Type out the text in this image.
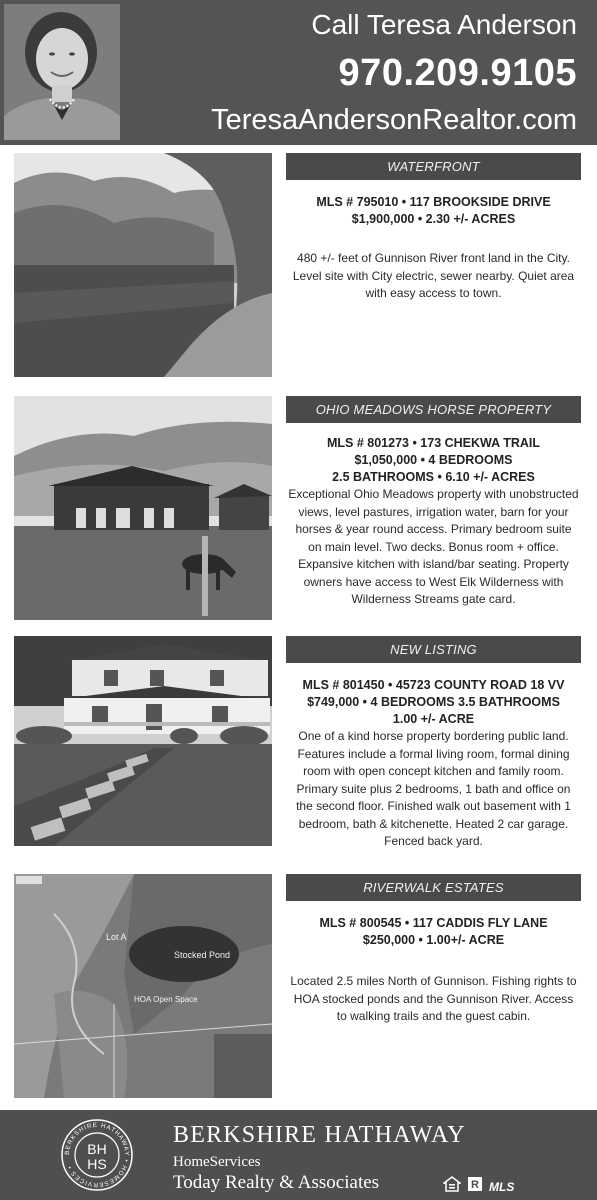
Call Teresa Anderson
970.209.9105
TeresaAndersonRealtor.com
WATERFRONT
MLS # 795010 • 117 BROOKSIDE DRIVE
$1,900,000 • 2.30 +/- ACRES
480 +/- feet of Gunnison River front land in the City. Level site with City electric, sewer nearby. Quiet area with easy access to town.
OHIO MEADOWS HORSE PROPERTY
MLS # 801273 • 173 CHEKWA TRAIL
$1,050,000 • 4 BEDROOMS
2.5 BATHROOMS • 6.10 +/- ACRES
Exceptional Ohio Meadows property with unobstructed views, level pastures, irrigation water, barn for your horses & year round access. Primary bedroom suite on main level. Two decks. Bonus room + office. Expansive kitchen with island/bar seating. Property owners have access to West Elk Wilderness with Wilderness Streams gate card.
NEW LISTING
MLS # 801450 • 45723 COUNTY ROAD 18 VV
$749,000 • 4 BEDROOMS 3.5 BATHROOMS
1.00 +/- ACRE
One of a kind horse property bordering public land. Features include a formal living room, formal dining room with open concept kitchen and family room. Primary suite plus 2 bedrooms, 1 bath and office on the second floor. Finished walk out basement with 1 bedroom, bath & kitchenette. Heated 2 car garage. Fenced back yard.
Lot A
Stocked Pond
HOA Open Space
RIVERWALK ESTATES
MLS # 800545 • 117 CADDIS FLY LANE
$250,000 • 1.00+/- ACRE
Located 2.5 miles North of Gunnison. Fishing rights to HOA stocked ponds and the Gunnison River. Access to walking trails and the guest cabin.
BERKSHIRE HATHAWAY • HOMESERVICES •
BH
HS
BERKSHIRE HATHAWAY
HomeServices
Today Realty & Associates	R MLS
